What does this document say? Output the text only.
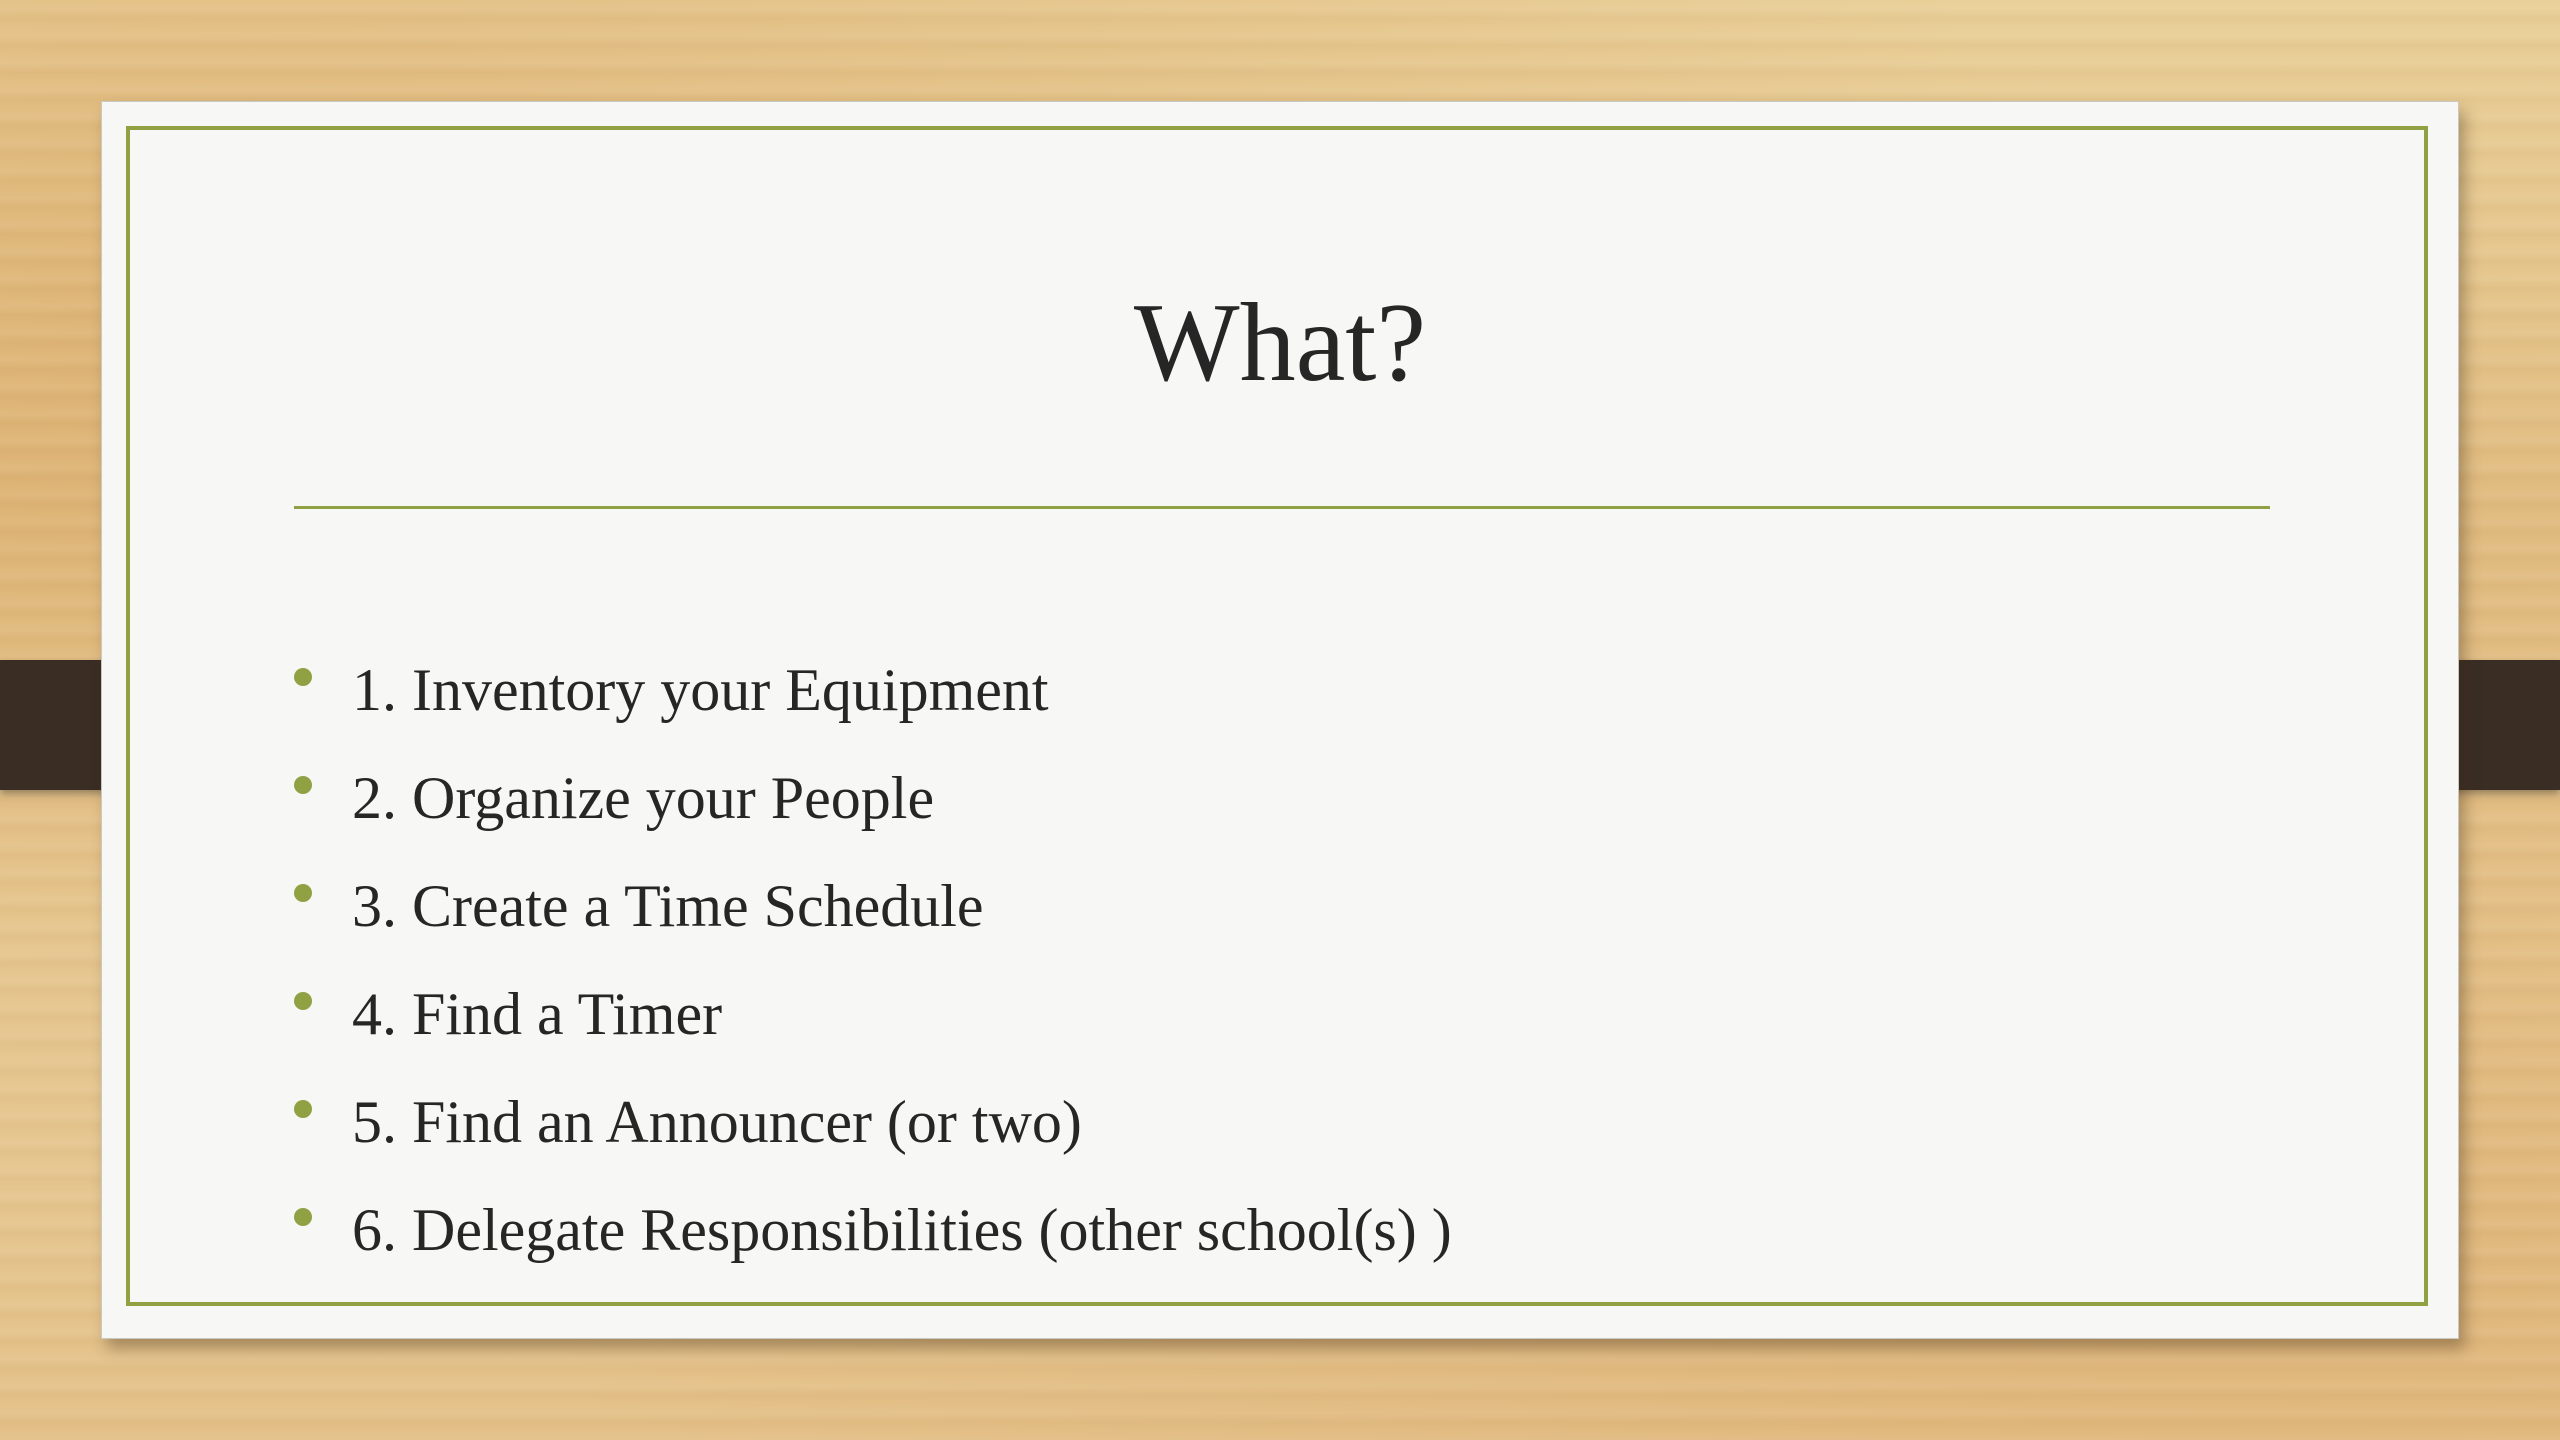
What?
1. Inventory your Equipment
2. Organize your People
3. Create a Time Schedule
4. Find a Timer
5. Find an Announcer (or two)
6. Delegate Responsibilities (other school(s) )
